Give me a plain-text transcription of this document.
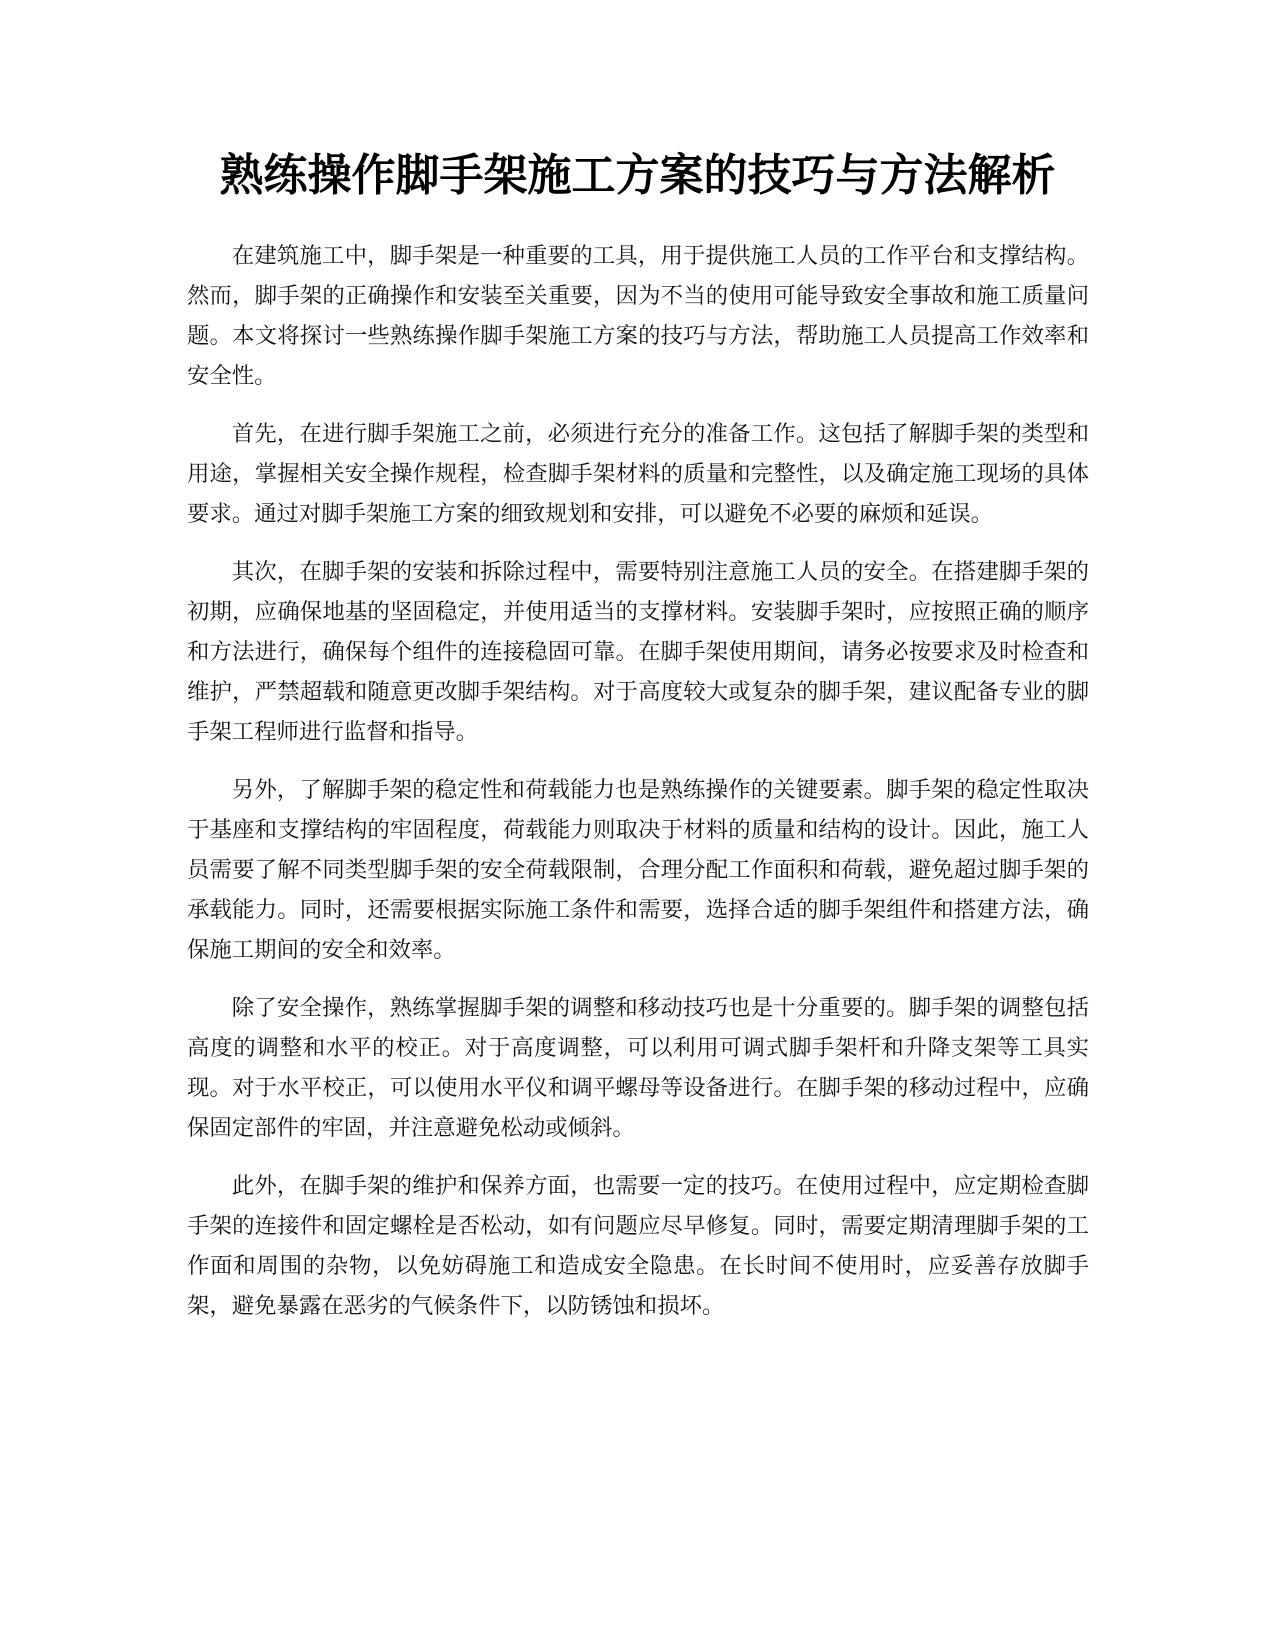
熟练操作脚手架施工方案的技巧与方法解析

在建筑施工中，脚手架是一种重要的工具，用于提供施工人员的工作平台和支撑结构。然而，脚手架的正确操作和安装至关重要，因为不当的使用可能导致安全事故和施工质量问题。本文将探讨一些熟练操作脚手架施工方案的技巧与方法，帮助施工人员提高工作效率和安全性。

首先，在进行脚手架施工之前，必须进行充分的准备工作。这包括了解脚手架的类型和用途，掌握相关安全操作规程，检查脚手架材料的质量和完整性，以及确定施工现场的具体要求。通过对脚手架施工方案的细致规划和安排，可以避免不必要的麻烦和延误。

其次，在脚手架的安装和拆除过程中，需要特别注意施工人员的安全。在搭建脚手架的初期，应确保地基的坚固稳定，并使用适当的支撑材料。安装脚手架时，应按照正确的顺序和方法进行，确保每个组件的连接稳固可靠。在脚手架使用期间，请务必按要求及时检查和维护，严禁超载和随意更改脚手架结构。对于高度较大或复杂的脚手架，建议配备专业的脚手架工程师进行监督和指导。

另外，了解脚手架的稳定性和荷载能力也是熟练操作的关键要素。脚手架的稳定性取决于基座和支撑结构的牢固程度，荷载能力则取决于材料的质量和结构的设计。因此，施工人员需要了解不同类型脚手架的安全荷载限制，合理分配工作面积和荷载，避免超过脚手架的承载能力。同时，还需要根据实际施工条件和需要，选择合适的脚手架组件和搭建方法，确保施工期间的安全和效率。

除了安全操作，熟练掌握脚手架的调整和移动技巧也是十分重要的。脚手架的调整包括高度的调整和水平的校正。对于高度调整，可以利用可调式脚手架杆和升降支架等工具实现。对于水平校正，可以使用水平仪和调平螺母等设备进行。在脚手架的移动过程中，应确保固定部件的牢固，并注意避免松动或倾斜。

此外，在脚手架的维护和保养方面，也需要一定的技巧。在使用过程中，应定期检查脚手架的连接件和固定螺栓是否松动，如有问题应尽早修复。同时，需要定期清理脚手架的工作面和周围的杂物，以免妨碍施工和造成安全隐患。在长时间不使用时，应妥善存放脚手架，避免暴露在恶劣的气候条件下，以防锈蚀和损坏。
